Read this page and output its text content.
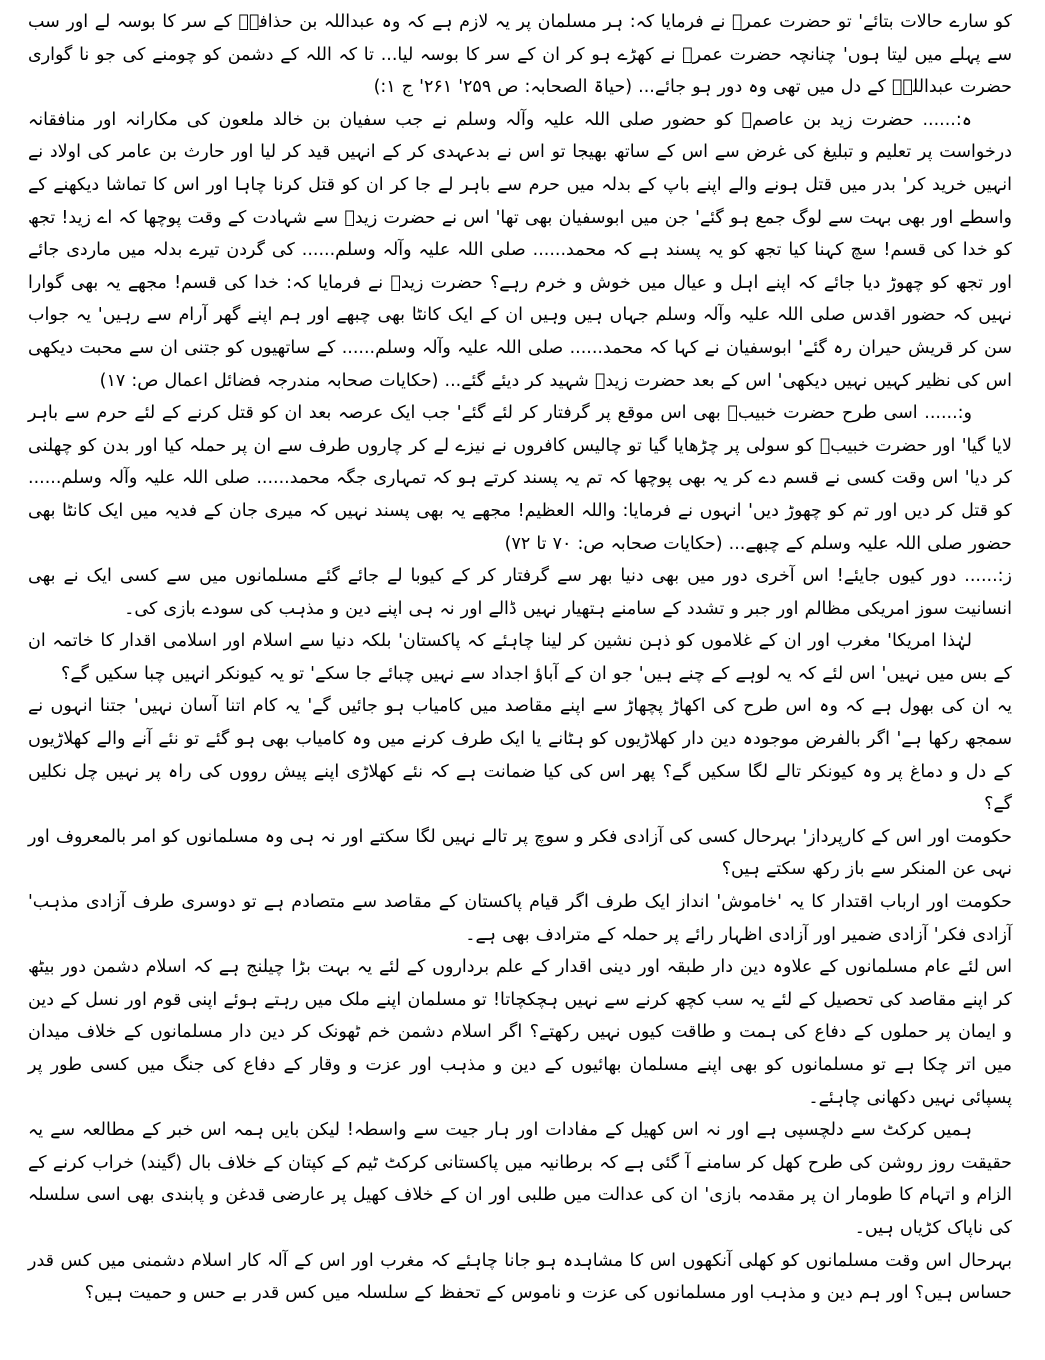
کو سارے حالات بتائے' تو حضرت عمرؓ نے فرمایا کہ: ہر مسلمان پر یہ لازم ہے کہ وہ عبداللہ بن حذافہؓ کے سر کا بوسہ لے اور سب سے پہلے میں لیتا ہوں' چنانچہ حضرت عمرؓ نے کھڑے ہو کر ان کے سر کا بوسہ لیا... تا کہ اللہ کے دشمن کو چومنے کی جو نا گواری حضرت عبداللہؓ کے دل میں تھی وہ دور ہو جائے... (حیاۃ الصحابہ: ص ۲۵۹' ۲۶۱' ج ۱:)

ہ:...... حضرت زید بن عاصمؓ کو حضور صلی اللہ علیہ وآلہ وسلم نے جب سفیان بن خالد ملعون کی مکارانہ اور منافقانہ درخواست پر تعلیم و تبلیغ کی غرض سے اس کے ساتھ بھیجا تو اس نے بدعہدی کر کے انہیں قید کر لیا اور حارث بن عامر کی اولاد نے انہیں خرید کر' بدر میں قتل ہونے والے اپنے باپ کے بدلہ میں حرم سے باہر لے جا کر ان کو قتل کرنا چاہا اور اس کا تماشا دیکھنے کے واسطے اور بھی بہت سے لوگ جمع ہو گئے' جن میں ابوسفیان بھی تھا' اس نے حضرت زیدؓ سے شہادت کے وقت پوچھا کہ اے زید! تجھ کو خدا کی قسم! سچ کہنا کیا تجھ کو یہ پسند ہے کہ محمد...... صلی اللہ علیہ وآلہ وسلم...... کی گردن تیرے بدلہ میں ماردی جائے اور تجھ کو چھوڑ دیا جائے کہ اپنے اہل و عیال میں خوش و خرم رہے؟ حضرت زیدؓ نے فرمایا کہ: خدا کی قسم! مجھے یہ بھی گوارا نہیں کہ حضور اقدس صلی اللہ علیہ وآلہ وسلم جہاں ہیں وہیں ان کے ایک کانٹا بھی چبھے اور ہم اپنے گھر آرام سے رہیں' یہ جواب سن کر قریش حیران رہ گئے' ابوسفیان نے کہا کہ محمد...... صلی اللہ علیہ وآلہ وسلم...... کے ساتھیوں کو جتنی ان سے محبت دیکھی اس کی نظیر کہیں نہیں دیکھی' اس کے بعد حضرت زیدؓ شہید کر دیئے گئے... (حکایات صحابہ مندرجہ فضائل اعمال ص: ۱۷)

و:...... اسی طرح حضرت خبیبؓ بھی اس موقع پر گرفتار کر لئے گئے' جب ایک عرصہ بعد ان کو قتل کرنے کے لئے حرم سے باہر لایا گیا' اور حضرت خبیبؓ کو سولی پر چڑھایا گیا تو چالیس کافروں نے نیزے لے کر چاروں طرف سے ان پر حملہ کیا اور بدن کو چھلنی کر دیا' اس وقت کسی نے قسم دے کر یہ بھی پوچھا کہ تم یہ پسند کرتے ہو کہ تمہاری جگہ محمد...... صلی اللہ علیہ وآلہ وسلم...... کو قتل کر دیں اور تم کو چھوڑ دیں' انہوں نے فرمایا: واللہ العظیم! مجھے یہ بھی پسند نہیں کہ میری جان کے فدیہ میں ایک کانٹا بھی حضور صلی اللہ علیہ وسلم کے چبھے... (حکایات صحابہ ص: ۷۰ تا ۷۲)

ز:...... دور کیوں جایئے! اس آخری دور میں بھی دنیا بھر سے گرفتار کر کے کیوبا لے جائے گئے مسلمانوں میں سے کسی ایک نے بھی انسانیت سوز امریکی مظالم اور جبر و تشدد کے سامنے ہتھیار نہیں ڈالے اور نہ ہی اپنے دین و مذہب کی سودے بازی کی۔

لہٰذا امریکا' مغرب اور ان کے غلاموں کو ذہن نشین کر لینا چاہئے کہ پاکستان' بلکہ دنیا سے اسلام اور اسلامی اقدار کا خاتمہ ان کے بس میں نہیں' اس لئے کہ یہ لوہے کے چنے ہیں' جو ان کے آباؤ اجداد سے نہیں چبائے جا سکے' تو یہ کیونکر انہیں چبا سکیں گے؟

یہ ان کی بھول ہے کہ وہ اس طرح کی اکھاڑ پچھاڑ سے اپنے مقاصد میں کامیاب ہو جائیں گے' یہ کام اتنا آسان نہیں' جتنا انہوں نے سمجھ رکھا ہے' اگر بالفرض موجودہ دین دار کھلاڑیوں کو ہٹانے یا ایک طرف کرنے میں وہ کامیاب بھی ہو گئے تو نئے آنے والے کھلاڑیوں کے دل و دماغ پر وہ کیونکر تالے لگا سکیں گے؟ پھر اس کی کیا ضمانت ہے کہ نئے کھلاڑی اپنے پیش رووں کی راہ پر نہیں چل نکلیں گے؟

حکومت اور اس کے کارپرداز' بہرحال کسی کی آزادی فکر و سوچ پر تالے نہیں لگا سکتے اور نہ ہی وہ مسلمانوں کو امر بالمعروف اور نہی عن المنکر سے باز رکھ سکتے ہیں؟

حکومت اور ارباب اقتدار کا یہ 'خاموش' انداز ایک طرف اگر قیام پاکستان کے مقاصد سے متصادم ہے تو دوسری طرف آزادی مذہب' آزادی فکر' آزادی ضمیر اور آزادی اظہار رائے پر حملہ کے مترادف بھی ہے۔

اس لئے عام مسلمانوں کے علاوہ دین دار طبقہ اور دینی اقدار کے علم برداروں کے لئے یہ بہت بڑا چیلنج ہے کہ اسلام دشمن دور بیٹھ کر اپنے مقاصد کی تحصیل کے لئے یہ سب کچھ کرنے سے نہیں ہچکچاتا! تو مسلمان اپنے ملک میں رہتے ہوئے اپنی قوم اور نسل کے دین و ایمان پر حملوں کے دفاع کی ہمت و طاقت کیوں نہیں رکھتے؟ اگر اسلام دشمن خم ٹھونک کر دین دار مسلمانوں کے خلاف میدان میں اتر چکا ہے تو مسلمانوں کو بھی اپنے مسلمان بھائیوں کے دین و مذہب اور عزت و وقار کے دفاع کی جنگ میں کسی طور پر پسپائی نہیں دکھانی چاہئے۔

ہمیں کرکٹ سے دلچسپی ہے اور نہ اس کھیل کے مفادات اور ہار جیت سے واسطہ! لیکن بایں ہمہ اس خبر کے مطالعہ سے یہ حقیقت روز روشن کی طرح کھل کر سامنے آ گئی ہے کہ برطانیہ میں پاکستانی کرکٹ ٹیم کے کپتان کے خلاف بال (گیند) خراب کرنے کے الزام و اتہام کا طومار ان پر مقدمہ بازی' ان کی عدالت میں طلبی اور ان کے خلاف کھیل پر عارضی قدغن و پابندی بھی اسی سلسلہ کی ناپاک کڑیاں ہیں۔

بہرحال اس وقت مسلمانوں کو کھلی آنکھوں اس کا مشاہدہ ہو جانا چاہئے کہ مغرب اور اس کے آلہ کار اسلام دشمنی میں کس قدر حساس ہیں؟ اور ہم دین و مذہب اور مسلمانوں کی عزت و ناموس کے تحفظ کے سلسلہ میں کس قدر بے حس و حمیت ہیں؟
